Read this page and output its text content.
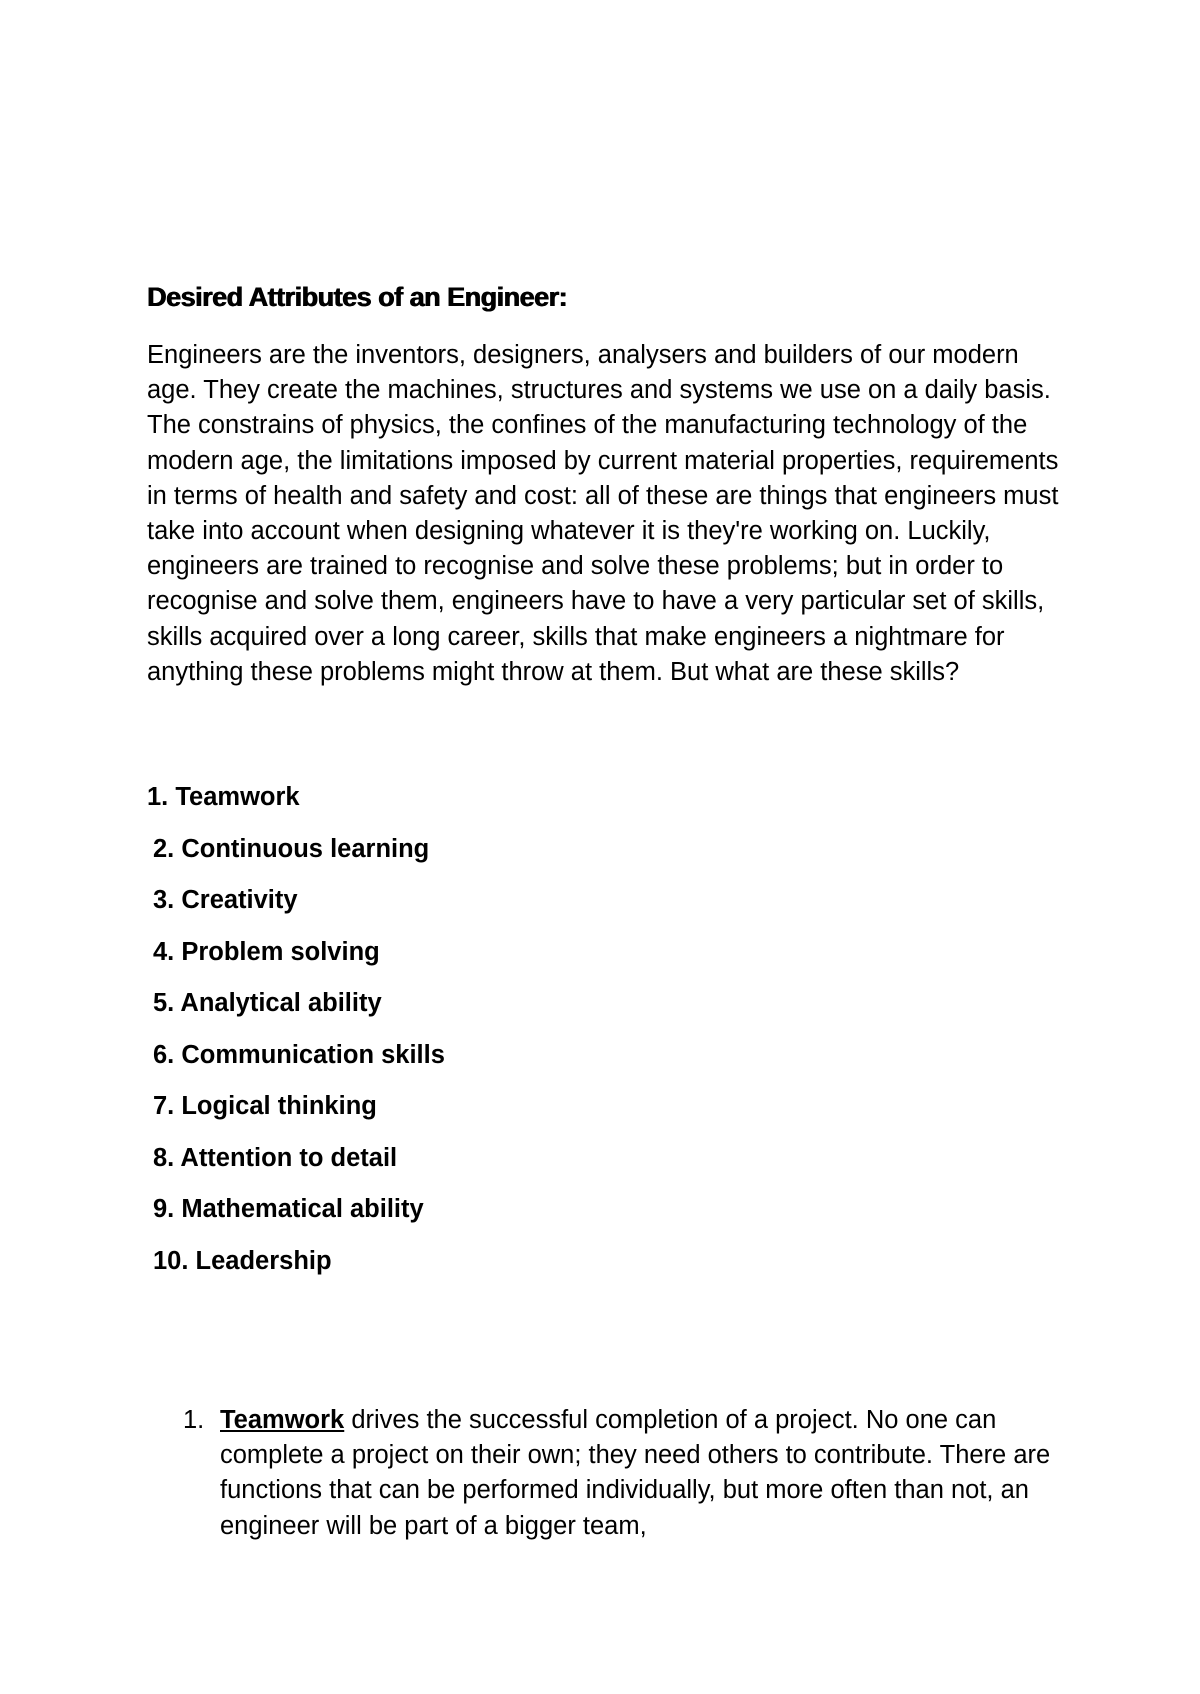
Desired Attributes of an Engineer:

Engineers are the inventors, designers, analysers and builders of our modern age. They create the machines, structures and systems we use on a daily basis. The constrains of physics, the confines of the manufacturing technology of the modern age, the limitations imposed by current material properties, requirements in terms of health and safety and cost: all of these are things that engineers must take into account when designing whatever it is they're working on. Luckily, engineers are trained to recognise and solve these problems; but in order to recognise and solve them, engineers have to have a very particular set of skills, skills acquired over a long career, skills that make engineers a nightmare for anything these problems might throw at them. But what are these skills?

1. Teamwork
2. Continuous learning
3. Creativity
4. Problem solving
5. Analytical ability
6. Communication skills
7. Logical thinking
8. Attention to detail
9. Mathematical ability
10. Leadership
1. Teamwork drives the successful completion of a project. No one can complete a project on their own; they need others to contribute. There are functions that can be performed individually, but more often than not, an engineer will be part of a bigger team,
